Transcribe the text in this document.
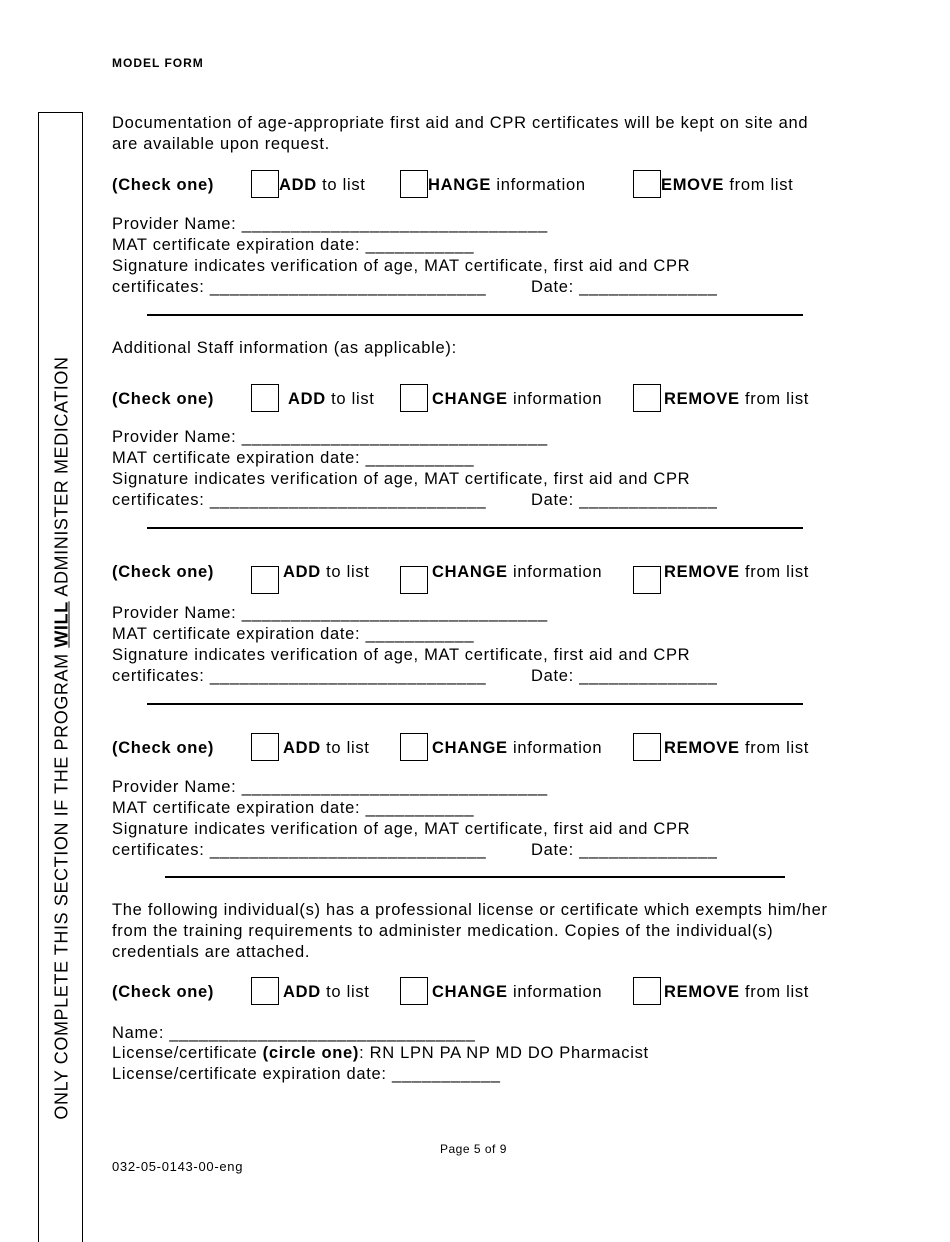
MODEL FORM
ONLY COMPLETE THIS SECTION IF THE PROGRAM WILL ADMINISTER MEDICATION
Documentation of age-appropriate first aid and CPR certificates will be kept on site and are available upon request.
(Check one)	ADD to list	HANGE information	EMOVE from list
Provider Name: _______________________________
MAT certificate expiration date: ___________
Signature indicates verification of age, MAT certificate, first aid and CPR
certificates: ____________________________	Date: ______________
Additional Staff information (as applicable):
(Check one)	ADD to list	CHANGE information	REMOVE from list
Provider Name: _______________________________
MAT certificate expiration date: ___________
Signature indicates verification of age, MAT certificate, first aid and CPR
certificates: ____________________________	Date: ______________
(Check one)	ADD to list	CHANGE information	REMOVE from list
Provider Name: _______________________________
MAT certificate expiration date: ___________
Signature indicates verification of age, MAT certificate, first aid and CPR
certificates: ____________________________	Date: ______________
(Check one)	ADD to list	CHANGE information	REMOVE from list
Provider Name: _______________________________
MAT certificate expiration date: ___________
Signature indicates verification of age, MAT certificate, first aid and CPR
certificates: ____________________________	Date: ______________
The following individual(s) has a professional license or certificate which exempts him/her from the training requirements to administer medication. Copies of the individual(s) credentials are attached.
(Check one)	ADD to list	CHANGE information	REMOVE from list
Name: _______________________________
License/certificate (circle one): RN LPN PA NP MD DO Pharmacist
License/certificate expiration date: ___________
Page 5 of 9
032-05-0143-00-eng
